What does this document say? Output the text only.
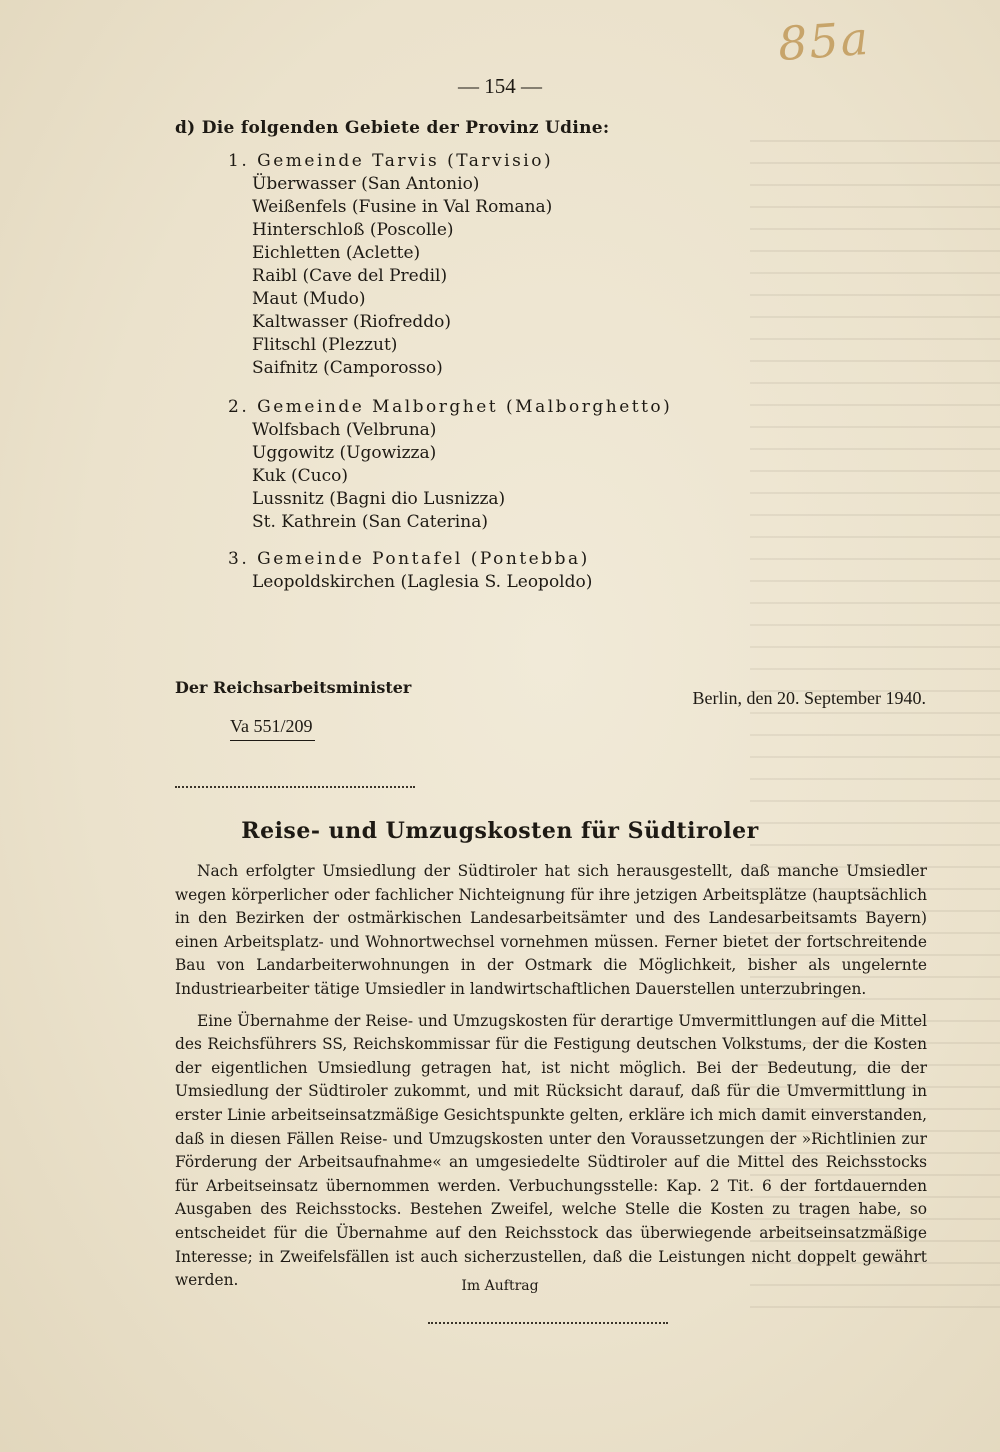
85a
— 154 —
d) Die folgenden Gebiete der Provinz Udine:
1. Gemeinde Tarvis (Tarvisio)
Überwasser (San Antonio)
Weißenfels (Fusine in Val Romana)
Hinterschloß (Poscolle)
Eichletten (Aclette)
Raibl (Cave del Predil)
Maut (Mudo)
Kaltwasser (Riofreddo)
Flitschl (Plezzut)
Saifnitz (Camporosso)
2. Gemeinde Malborghet (Malborghetto)
Wolfsbach (Velbruna)
Uggowitz (Ugowizza)
Kuk (Cuco)
Lussnitz (Bagni dio Lusnizza)
St. Kathrein (San Caterina)
3. Gemeinde Pontafel (Pontebba)
Leopoldskirchen (Laglesia S. Leopoldo)
Der Reichsarbeitsminister
Va 551/209
Berlin, den 20. September 1940.
Reise- und Umzugskosten für Südtiroler

Nach erfolgter Umsiedlung der Südtiroler hat sich herausgestellt, daß manche Umsiedler wegen körperlicher oder fachlicher Nichteignung für ihre jetzigen Arbeitsplätze (hauptsächlich in den Bezirken der ostmärkischen Landesarbeitsämter und des Landesarbeitsamts Bayern) einen Arbeitsplatz- und Wohnortwechsel vornehmen müssen. Ferner bietet der fortschreitende Bau von Landarbeiterwohnungen in der Ostmark die Möglichkeit, bisher als ungelernte Industriearbeiter tätige Umsiedler in landwirtschaftlichen Dauerstellen unterzubringen.

Eine Übernahme der Reise- und Umzugskosten für derartige Umvermittlungen auf die Mittel des Reichsführers SS, Reichskommissar für die Festigung deutschen Volkstums, der die Kosten der eigentlichen Umsiedlung getragen hat, ist nicht möglich. Bei der Bedeutung, die der Umsiedlung der Südtiroler zukommt, und mit Rücksicht darauf, daß für die Umvermittlung in erster Linie arbeitseinsatzmäßige Gesichtspunkte gelten, erkläre ich mich damit einverstanden, daß in diesen Fällen Reise- und Umzugskosten unter den Voraussetzungen der »Richtlinien zur Förderung der Arbeitsaufnahme« an umgesiedelte Südtiroler auf die Mittel des Reichsstocks für Arbeitseinsatz übernommen werden. Verbuchungsstelle: Kap. 2 Tit. 6 der fortdauernden Ausgaben des Reichsstocks. Bestehen Zweifel, welche Stelle die Kosten zu tragen habe, so entscheidet für die Übernahme auf den Reichsstock das überwiegende arbeitseinsatzmäßige Interesse; in Zweifelsfällen ist auch sicherzustellen, daß die Leistungen nicht doppelt gewährt werden.	Im Auftrag
